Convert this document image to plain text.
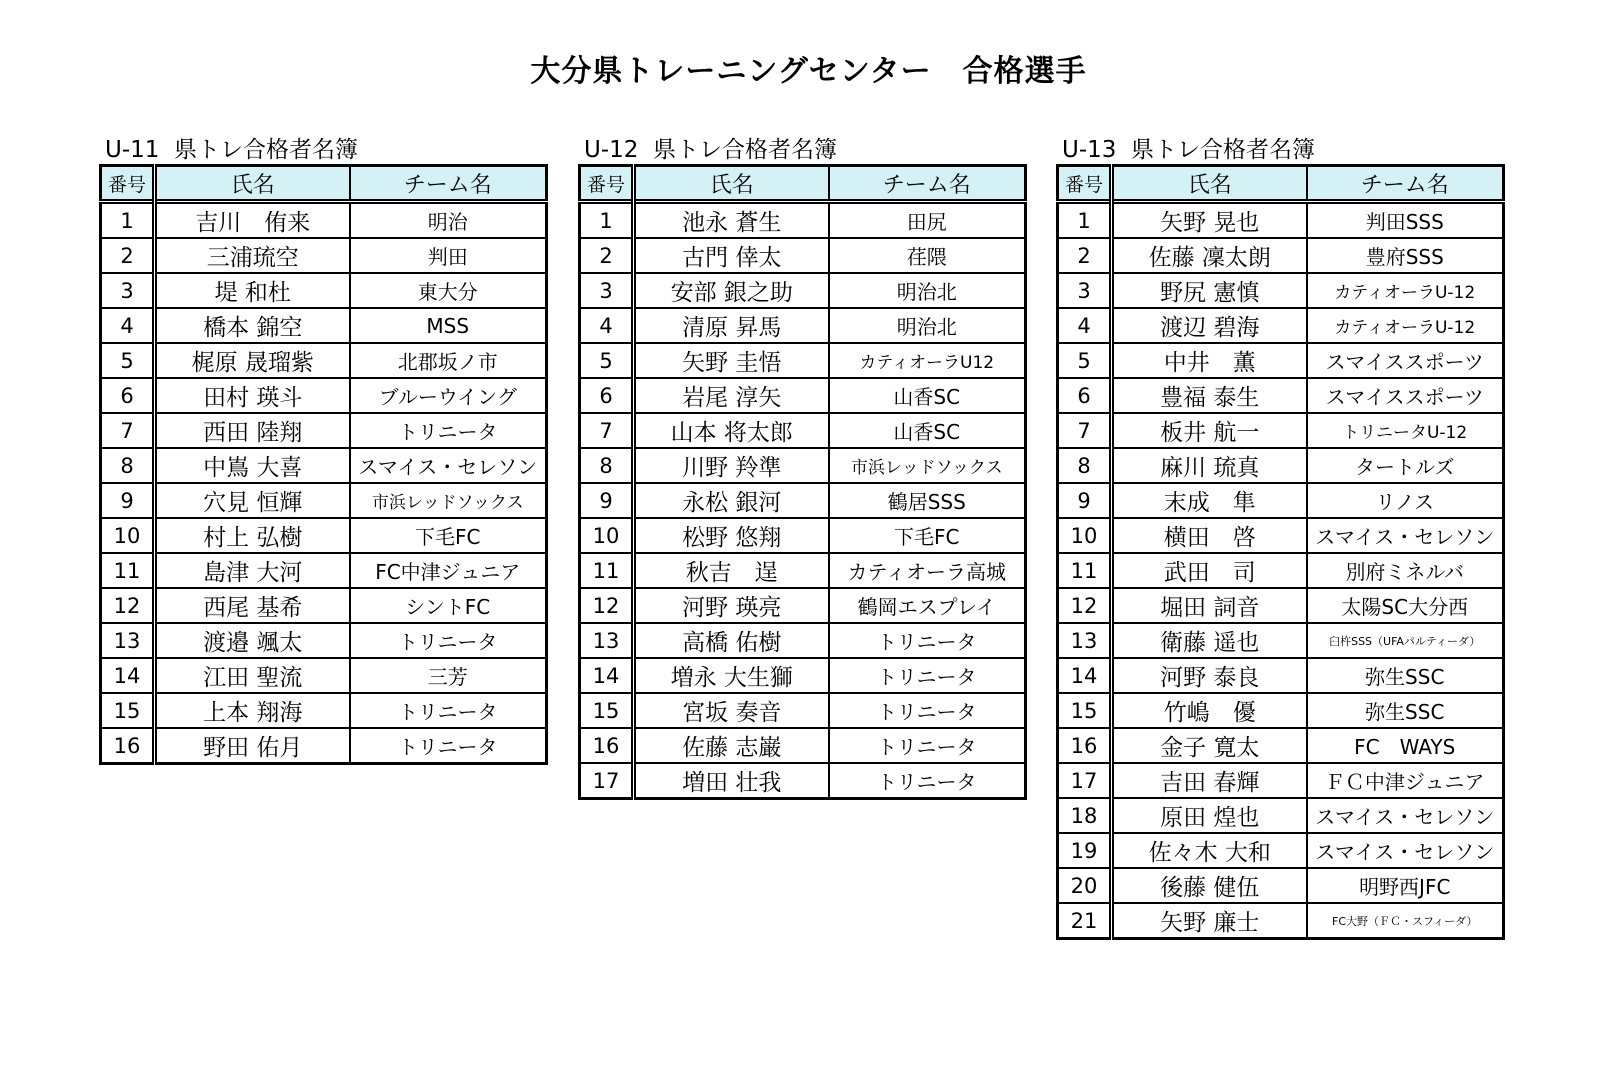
大分県トレーニングセンター　合格選手
U-11  県トレ合格者名簿
番号	氏名	チーム名
1	吉川　侑来	明治
2	三浦琉空	判田
3	堤 和杜	東大分
4	橋本 錦空	MSS
5	梶原 晟瑠紫	北郡坂ノ市
6	田村 瑛斗	ブルーウイング
7	西田 陸翔	トリニータ
8	中嶌 大喜	スマイス・セレソン
9	穴見 恒輝	市浜レッドソックス
10	村上 弘樹	下毛FC
11	島津 大河	FC中津ジュニア
12	西尾 基希	シントFC
13	渡邉 颯太	トリニータ
14	江田 聖流	三芳
15	上本 翔海	トリニータ
16	野田 佑月	トリニータ
U-12  県トレ合格者名簿
番号	氏名	チーム名
1	池永 蒼生	田尻
2	古門 倖太	荏隈
3	安部 銀之助	明治北
4	清原 昇馬	明治北
5	矢野 圭悟	カティオーラU12
6	岩尾 淳矢	山香SC
7	山本 将太郎	山香SC
8	川野 羚準	市浜レッドソックス
9	永松 銀河	鶴居SSS
10	松野 悠翔	下毛FC
11	秋吉　逞	カティオーラ高城
12	河野 瑛亮	鶴岡エスプレイ
13	高橋 佑樹	トリニータ
14	増永 大生獅	トリニータ
15	宮坂 奏音	トリニータ
16	佐藤 志巌	トリニータ
17	増田 壮我	トリニータ
U-13  県トレ合格者名簿
番号	氏名	チーム名
1	矢野 晃也	判田SSS
2	佐藤 凜太朗	豊府SSS
3	野尻 憲慎	カティオーラU-12
4	渡辺 碧海	カティオーラU-12
5	中井　薫	スマイススポーツ
6	豊福 泰生	スマイススポーツ
7	板井 航一	トリニータU-12
8	麻川 琉真	タートルズ
9	末成　隼	リノス
10	横田　啓	スマイス・セレソン
11	武田　司	別府ミネルバ
12	堀田 詞音	太陽SC大分西
13	衛藤 遥也	臼杵SSS（UFAパルティーダ）
14	河野 泰良	弥生SSC
15	竹嶋　優	弥生SSC
16	金子 寛太	FC　WAYS
17	吉田 春輝	ＦＣ中津ジュニア
18	原田 煌也	スマイス・セレソン
19	佐々木 大和	スマイス・セレソン
20	後藤 健伍	明野西JFC
21	矢野 廉士	FC大野（ＦＣ・スフィーダ）
